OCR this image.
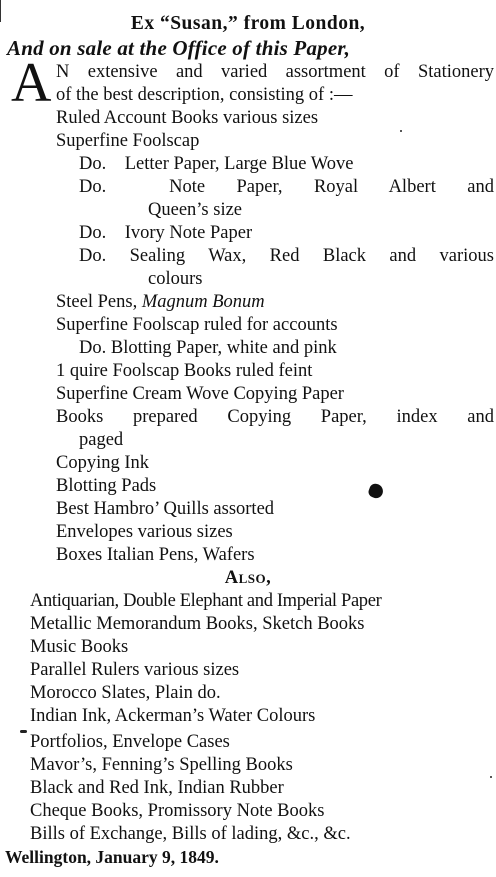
Ex “Susan,” from London,
And on sale at the Office of this Paper,
A N extensive and varied assortment of Stationery
of the best description, consisting of :—
Ruled Account Books various sizes
Superfine Foolscap
Do.    Letter Paper, Large Blue Wove
Do.    Note  Paper,  Royal  Albert  and
Queen’s size
Do.    Ivory Note Paper
Do. Sealing Wax, Red Black and various
colours
Steel Pens, Magnum Bonum
Superfine Foolscap ruled for accounts
Do. Blotting Paper, white and pink
1 quire Foolscap Books ruled feint
Superfine Cream Wove Copying Paper
Books  prepared  Copying  Paper,  index  and
paged
Copying Ink
Blotting Pads
Best Hambro’ Quills assorted
Envelopes various sizes
Boxes Italian Pens, Wafers
Also,
Antiquarian, Double Elephant and Imperial Paper
Metallic Memorandum Books, Sketch Books
Music Books
Parallel Rulers various sizes
Morocco Slates, Plain do.
Indian Ink, Ackerman’s Water Colours
Portfolios, Envelope Cases
Mavor’s, Fenning’s Spelling Books
Black and Red Ink, Indian Rubber
Cheque Books, Promissory Note Books
Bills of Exchange, Bills of lading, &c., &c.
Wellington, January 9, 1849.
